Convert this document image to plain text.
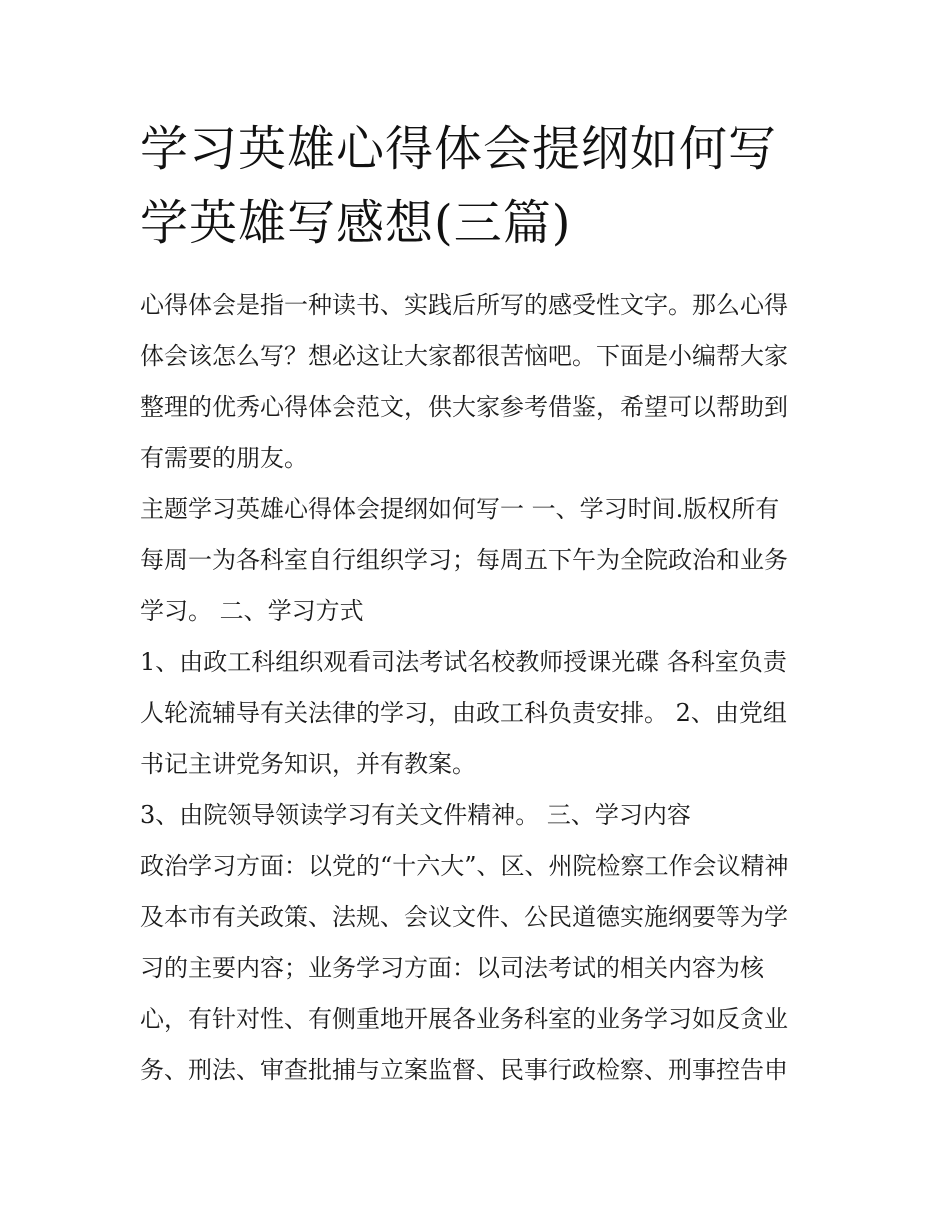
学习英雄心得体会提纲如何写
学英雄写感想(三篇)
心得体会是指一种读书、实践后所写的感受性文字。那么心得
体会该怎么写？想必这让大家都很苦恼吧。下面是小编帮大家
整理的优秀心得体会范文，供大家参考借鉴，希望可以帮助到
有需要的朋友。
主题学习英雄心得体会提纲如何写一 一、学习时间.版权所有
每周一为各科室自行组织学习；每周五下午为全院政治和业务
学习。 二、学习方式
1、由政工科组织观看司法考试名校教师授课光碟 各科室负责
人轮流辅导有关法律的学习，由政工科负责安排。 2、由党组
书记主讲党务知识，并有教案。
3、由院领导领读学习有关文件精神。 三、学习内容
政治学习方面：以党的“十六大”、区、州院检察工作会议精神
及本市有关政策、法规、会议文件、公民道德实施纲要等为学
习的主要内容；业务学习方面：以司法考试的相关内容为核
心，有针对性、有侧重地开展各业务科室的业务学习如反贪业
务、刑法、审查批捕与立案监督、民事行政检察、刑事控告申
